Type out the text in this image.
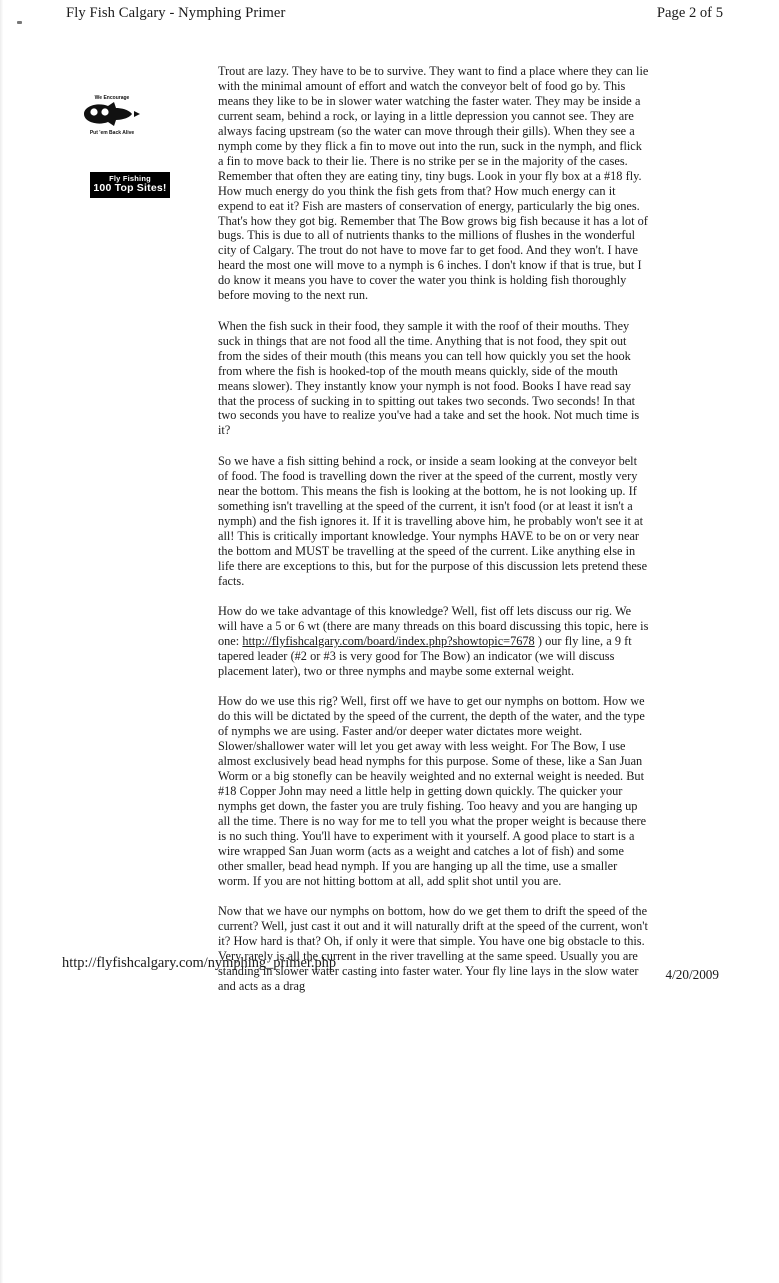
Fly Fish Calgary - Nymphing Primer	Page 2 of 5
We Encourage
Put 'em Back Alive
Fly Fishing
100 Top Sites!

Trout are lazy. They have to be to survive. They want to find a place where they can lie with the minimal amount of effort and watch the conveyor belt of food go by. This means they like to be in slower water watching the faster water. They may be inside a current seam, behind a rock, or laying in a little depression you cannot see. They are always facing upstream (so the water can move through their gills). When they see a nymph come by they flick a fin to move out into the run, suck in the nymph, and flick a fin to move back to their lie. There is no strike per se in the majority of the cases. Remember that often they are eating tiny, tiny bugs. Look in your fly box at a #18 fly. How much energy do you think the fish gets from that? How much energy can it expend to eat it? Fish are masters of conservation of energy, particularly the big ones. That's how they got big. Remember that The Bow grows big fish because it has a lot of bugs. This is due to all of nutrients thanks to the millions of flushes in the wonderful city of Calgary. The trout do not have to move far to get food. And they won't. I have heard the most one will move to a nymph is 6 inches. I don't know if that is true, but I do know it means you have to cover the water you think is holding fish thoroughly before moving to the next run.

When the fish suck in their food, they sample it with the roof of their mouths. They suck in things that are not food all the time. Anything that is not food, they spit out from the sides of their mouth (this means you can tell how quickly you set the hook from where the fish is hooked-top of the mouth means quickly, side of the mouth means slower). They instantly know your nymph is not food. Books I have read say that the process of sucking in to spitting out takes two seconds. Two seconds! In that two seconds you have to realize you've had a take and set the hook. Not much time is it?

So we have a fish sitting behind a rock, or inside a seam looking at the conveyor belt of food. The food is travelling down the river at the speed of the current, mostly very near the bottom. This means the fish is looking at the bottom, he is not looking up. If something isn't travelling at the speed of the current, it isn't food (or at least it isn't a nymph) and the fish ignores it. If it is travelling above him, he probably won't see it at all! This is critically important knowledge. Your nymphs HAVE to be on or very near the bottom and MUST be travelling at the speed of the current. Like anything else in life there are exceptions to this, but for the purpose of this discussion lets pretend these facts.

How do we take advantage of this knowledge? Well, fist off lets discuss our rig. We will have a 5 or 6 wt (there are many threads on this board discussing this topic, here is one: http://flyfishcalgary.com/board/index.php?showtopic=7678 ) our fly line, a 9 ft tapered leader (#2 or #3 is very good for The Bow) an indicator (we will discuss placement later), two or three nymphs and maybe some external weight.

How do we use this rig? Well, first off we have to get our nymphs on bottom. How we do this will be dictated by the speed of the current, the depth of the water, and the type of nymphs we are using. Faster and/or deeper water dictates more weight. Slower/shallower water will let you get away with less weight. For The Bow, I use almost exclusively bead head nymphs for this purpose. Some of these, like a San Juan Worm or a big stonefly can be heavily weighted and no external weight is needed. But #18 Copper John may need a little help in getting down quickly. The quicker your nymphs get down, the faster you are truly fishing. Too heavy and you are hanging up all the time. There is no way for me to tell you what the proper weight is because there is no such thing. You'll have to experiment with it yourself. A good place to start is a wire wrapped San Juan worm (acts as a weight and catches a lot of fish) and some other smaller, bead head nymph. If you are hanging up all the time, use a smaller worm. If you are not hitting bottom at all, add split shot until you are.

Now that we have our nymphs on bottom, how do we get them to drift the speed of the current? Well, just cast it out and it will naturally drift at the speed of the current, won't it? How hard is that? Oh, if only it were that simple. You have one big obstacle to this. Very rarely is all the current in the river travelling at the same speed. Usually you are standing in slower water casting into faster water. Your fly line lays in the slow water and acts as a drag

http://flyfishcalgary.com/nymphing_primer.php
4/20/2009
